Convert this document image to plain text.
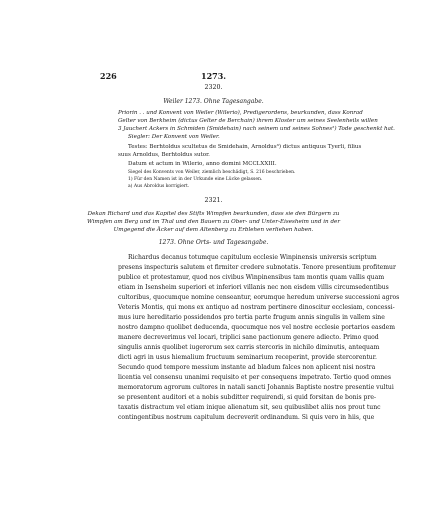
226	1273.
2320.
Weiler 1273. Ohne Tagesangabe.
Priorin . . und Konvent von Weiler (Wilerio), Predigerordens, beurkunden, dass Konrad
Gelter von Berkheim (dictus Gelter de Berchain) ihrem Kloster um seines Seelenheils willen
3 Jauchert Ackers in Schmiden (Smidehain) nach seinem und seines Sohnes²) Tode geschenkt hat.
Siegler: Der Konvent von Weiler.
Testes: Berhtoldus scultetus de Smidehain, Arnoldus³) dictus antiquus Tyerli, filius
suus Arnoldus, Berhtoldus sutor.
Datum et actum in Wilerio, anno domini MCCLXXIII.
Siegel des Konvents von Weiler, ziemlich beschädigt, S. 216 beschrieben.
1) Für den Namen ist in der Urkunde eine Lücke gelassen.
a) Aus Abroldus korrigiert.
2321.
Dekan Richard und das Kapitel des Stifts Wimpfen beurkunden, dass sie den Bürgern zu
Wimpfen am Berg und im Thal und den Bauern zu Ober- und Unter-Eisesheim und in der
Umgegend die Äcker auf dem Altenberg zu Erblehen verliehen haben.
1273. Ohne Orts- und Tagesangabe.
Richardus decanus totumque capitulum ecclesie Winpinensis universis scriptum
presens inspecturis salutem et firmiter credere subnotatis. Tenore presentium profitemur
publice et protestamur, quod nos civibus Winpinensibus tam montis quam vallis quam
etiam in Isensheim superiori et inferiori villanis nec non eisdem villis circumsedentibus
cultoribus, quocumque nomine censeantur, eorumque heredum universe successioni agros
Veteris Montis, qui mons ex antiquo ad nostram pertinere dinoscitur ecclesiam, concessi-
mus iure hereditario possidendos pro tertia parte frugum annis singulis in vallem sine
nostro dampno quolibet deducenda, quocumque nos vel nostre ecclesie portarios easdem
manere decreverimus vel locari, triplici sane pactionum genere adiecto. Primo quod
singulis annis quolibet iugerorum sex carris stercoris in nichilo diminutis, antequam
dicti agri in usus hiemalium fructuum seminarium receperint, provide stercorentur.
Secundo quod tempore messium instante ad bladum falces non aplicent nisi nostra
licentia vel consensu unanimi requisito et per consequens impetrato. Tertio quod omnes
memoratorum agrorum cultores in natali sancti Johannis Baptiste nostre presentie vultui
se presentent auditori et a nobis subditter requirendi, si quid forsitan de bonis pre-
taxatis distractum vel etiam inique alienatum sit, seu quibuslibet aliis nos prout tunc
contingentibus nostrum capitulum decreverit ordinandum. Si quis vero in hiis, que
